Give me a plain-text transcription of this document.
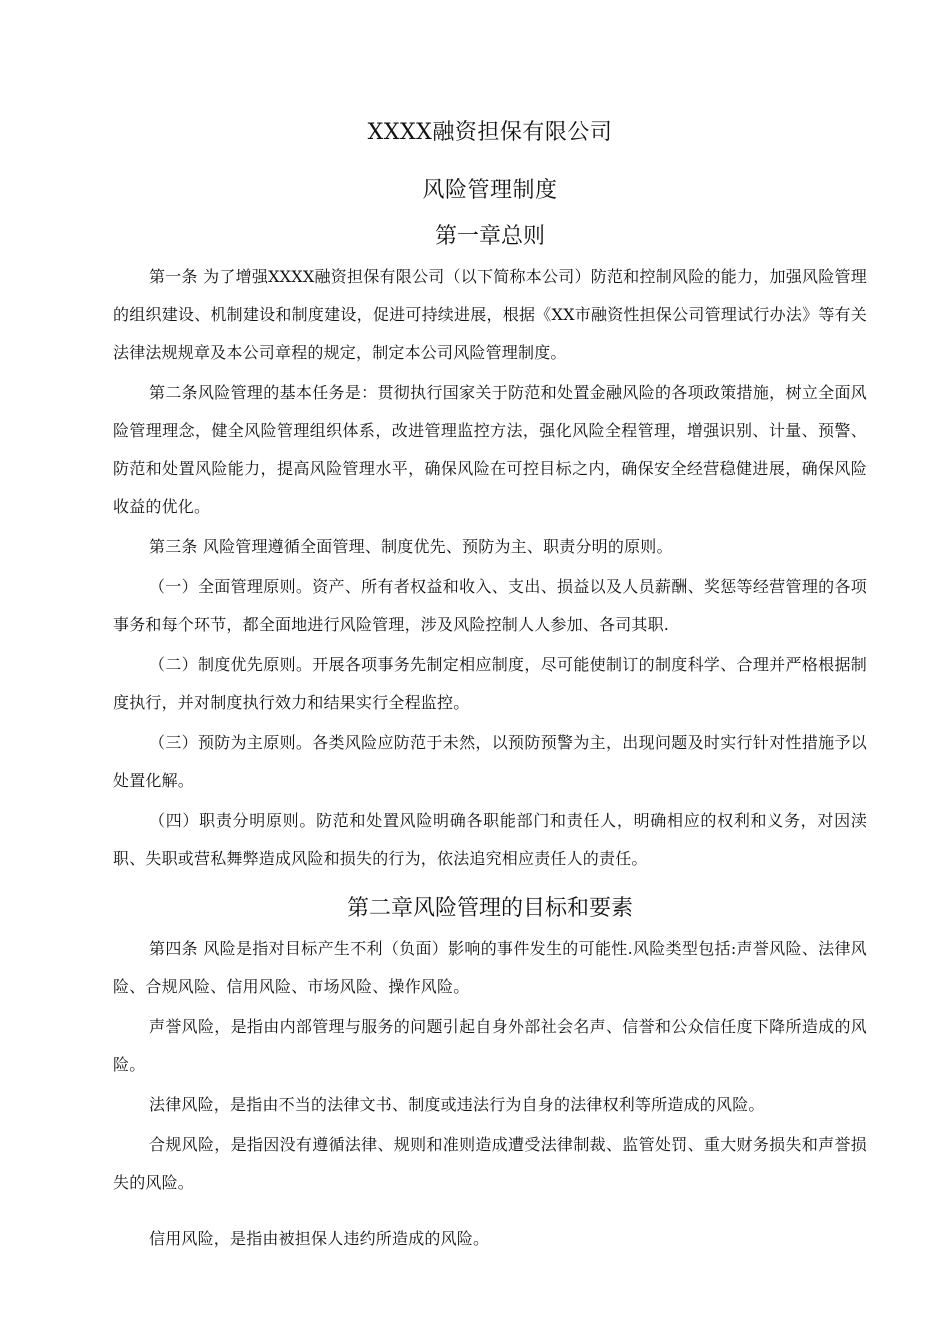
XXXX融资担保有限公司
风险管理制度
第一章总则

第一条 为了增强XXXX融资担保有限公司（以下简称本公司）防范和控制风险的能力，加强风险管理的组织建设、机制建设和制度建设，促进可持续进展，根据《XX市融资性担保公司管理试行办法》等有关法律法规规章及本公司章程的规定，制定本公司风险管理制度。

第二条风险管理的基本任务是：贯彻执行国家关于防范和处置金融风险的各项政策措施，树立全面风险管理理念，健全风险管理组织体系，改进管理监控方法，强化风险全程管理，增强识别、计量、预警、防范和处置风险能力，提高风险管理水平，确保风险在可控目标之内，确保安全经营稳健进展，确保风险收益的优化。

第三条 风险管理遵循全面管理、制度优先、预防为主、职责分明的原则。

（一）全面管理原则。资产、所有者权益和收入、支出、损益以及人员薪酬、奖惩等经营管理的各项事务和每个环节，都全面地进行风险管理，涉及风险控制人人参加、各司其职.

（二）制度优先原则。开展各项事务先制定相应制度，尽可能使制订的制度科学、合理并严格根据制度执行，并对制度执行效力和结果实行全程监控。

（三）预防为主原则。各类风险应防范于未然，以预防预警为主，出现问题及时实行针对性措施予以处置化解。

（四）职责分明原则。防范和处置风险明确各职能部门和责任人，明确相应的权利和义务，对因渎职、失职或营私舞弊造成风险和损失的行为，依法追究相应责任人的责任。

第二章风险管理的目标和要素

第四条 风险是指对目标产生不利（负面）影响的事件发生的可能性.风险类型包括:声誉风险、法律风险、合规风险、信用风险、市场风险、操作风险。

声誉风险，是指由内部管理与服务的问题引起自身外部社会名声、信誉和公众信任度下降所造成的风险。

法律风险，是指由不当的法律文书、制度或违法行为自身的法律权利等所造成的风险。

合规风险，是指因没有遵循法律、规则和准则造成遭受法律制裁、监管处罚、重大财务损失和声誉损失的风险。

信用风险，是指由被担保人违约所造成的风险。
